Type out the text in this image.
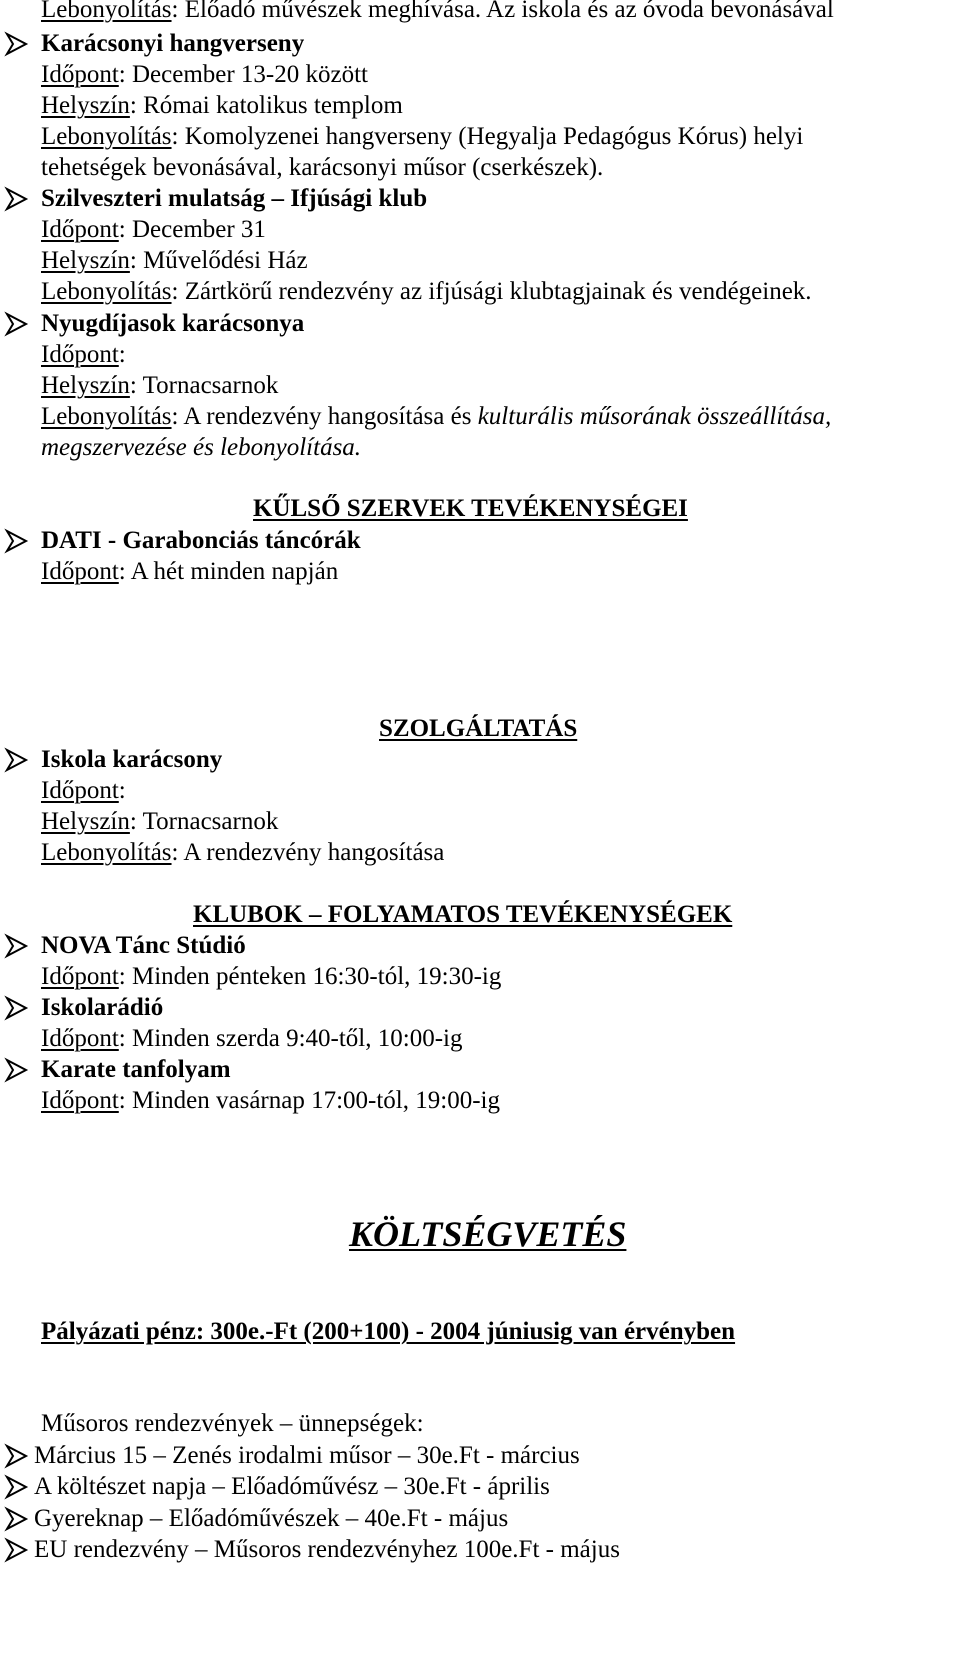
Lebonyolítás: Előadó művészek meghívása. Az iskola és az óvoda bevonásával
Karácsonyi hangverseny
Időpont: December 13-20 között
Helyszín: Római katolikus templom
Lebonyolítás: Komolyzenei hangverseny (Hegyalja Pedagógus Kórus) helyi
tehetségek bevonásával, karácsonyi műsor (cserkészek).
Szilveszteri mulatság – Ifjúsági klub
Időpont: December 31
Helyszín: Művelődési Ház
Lebonyolítás: Zártkörű rendezvény az ifjúsági klubtagjainak és vendégeinek.
Nyugdíjasok karácsonya
Időpont:
Helyszín: Tornacsarnok
Lebonyolítás: A rendezvény hangosítása és kulturális műsorának összeállítása,
megszervezése és lebonyolítása.
KŰLSŐ SZERVEK TEVÉKENYSÉGEI
DATI - Garabonciás táncórák
Időpont: A hét minden napján
SZOLGÁLTATÁS
Iskola karácsony
Időpont:
Helyszín: Tornacsarnok
Lebonyolítás: A rendezvény hangosítása
KLUBOK – FOLYAMATOS TEVÉKENYSÉGEK
NOVA Tánc Stúdió
Időpont: Minden pénteken 16:30-tól, 19:30-ig
Iskolarádió
Időpont: Minden szerda 9:40-től, 10:00-ig
Karate tanfolyam
Időpont: Minden vasárnap 17:00-tól, 19:00-ig
KÖLTSÉGVETÉS
Pályázati pénz: 300e.-Ft (200+100) - 2004 júniusig van érvényben
Műsoros rendezvények – ünnepségek:
Március 15 – Zenés irodalmi műsor – 30e.Ft - március
A költészet napja – Előadóművész – 30e.Ft - április
Gyereknap – Előadóművészek – 40e.Ft - május
EU rendezvény – Műsoros rendezvényhez 100e.Ft - május
